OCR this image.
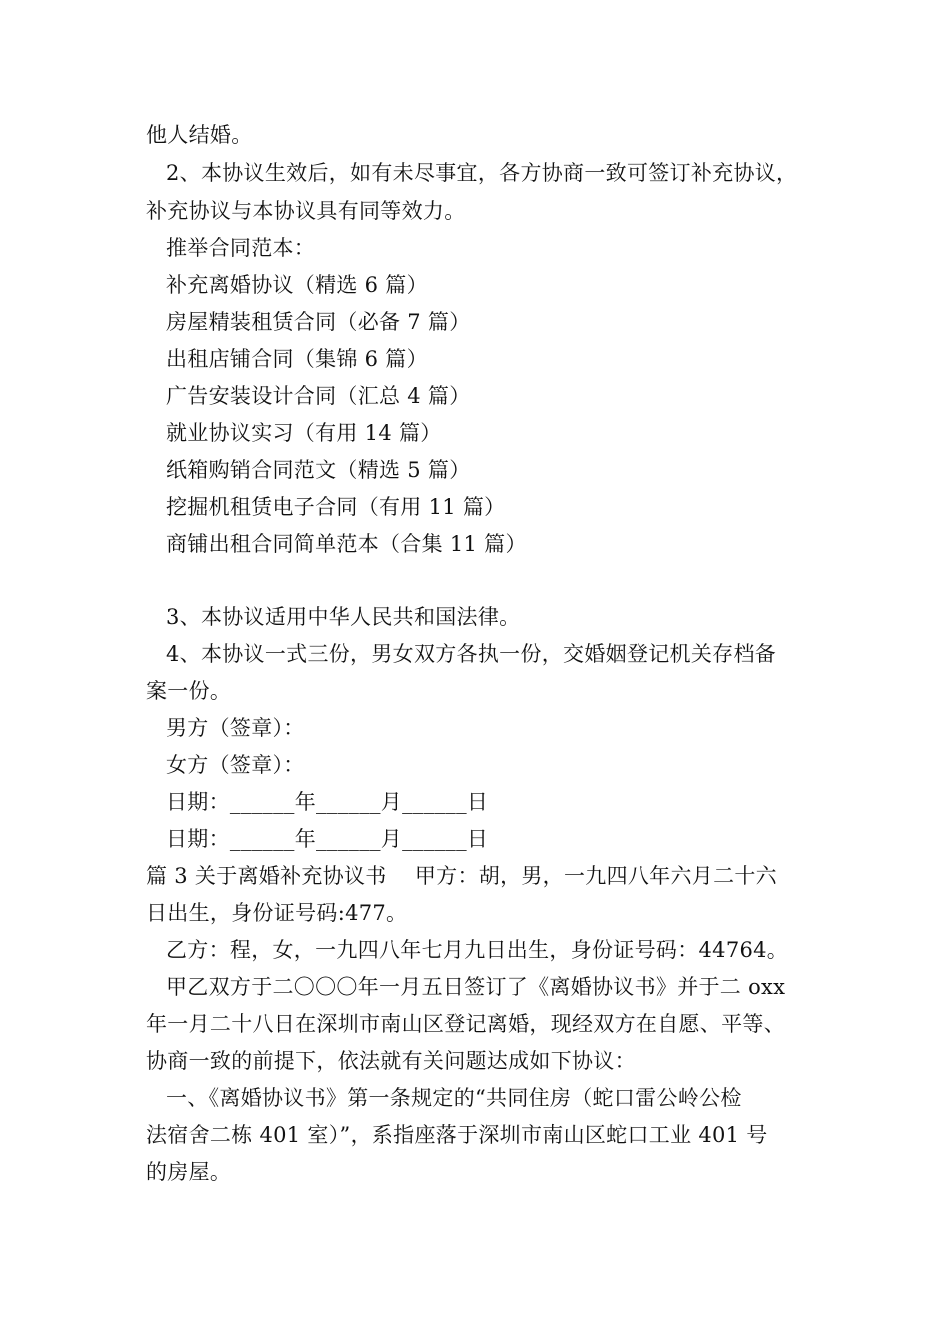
他人结婚。
2、本协议生效后，如有未尽事宜，各方协商一致可签订补充协议，
补充协议与本协议具有同等效力。
推举合同范本：
补充离婚协议（精选 6 篇）
房屋精装租赁合同（必备 7 篇）
出租店铺合同（集锦 6 篇）
广告安装设计合同（汇总 4 篇）
就业协议实习（有用 14 篇）
纸箱购销合同范文（精选 5 篇）
挖掘机租赁电子合同（有用 11 篇）
商铺出租合同简单范本（合集 11 篇）
3、本协议适用中华人民共和国法律。
4、本协议一式三份，男女双方各执一份，交婚姻登记机关存档备
案一份。
男方（签章）：
女方（签章）：
日期：______年______月______日
日期：______年______月______日
篇 3 关于离婚补充协议书　 甲方：胡，男，一九四八年六月二十六
日出生，身份证号码:477。
乙方：程，女，一九四八年七月九日出生，身份证号码：44764。
甲乙双方于二〇〇〇年一月五日签订了《离婚协议书》并于二 oxx
年一月二十八日在深圳市南山区登记离婚，现经双方在自愿、平等、
协商一致的前提下，依法就有关问题达成如下协议：
一、《离婚协议书》第一条规定的“共同住房（蛇口雷公岭公检
法宿舍二栋 401 室）”，系指座落于深圳市南山区蛇口工业 401 号
的房屋。
